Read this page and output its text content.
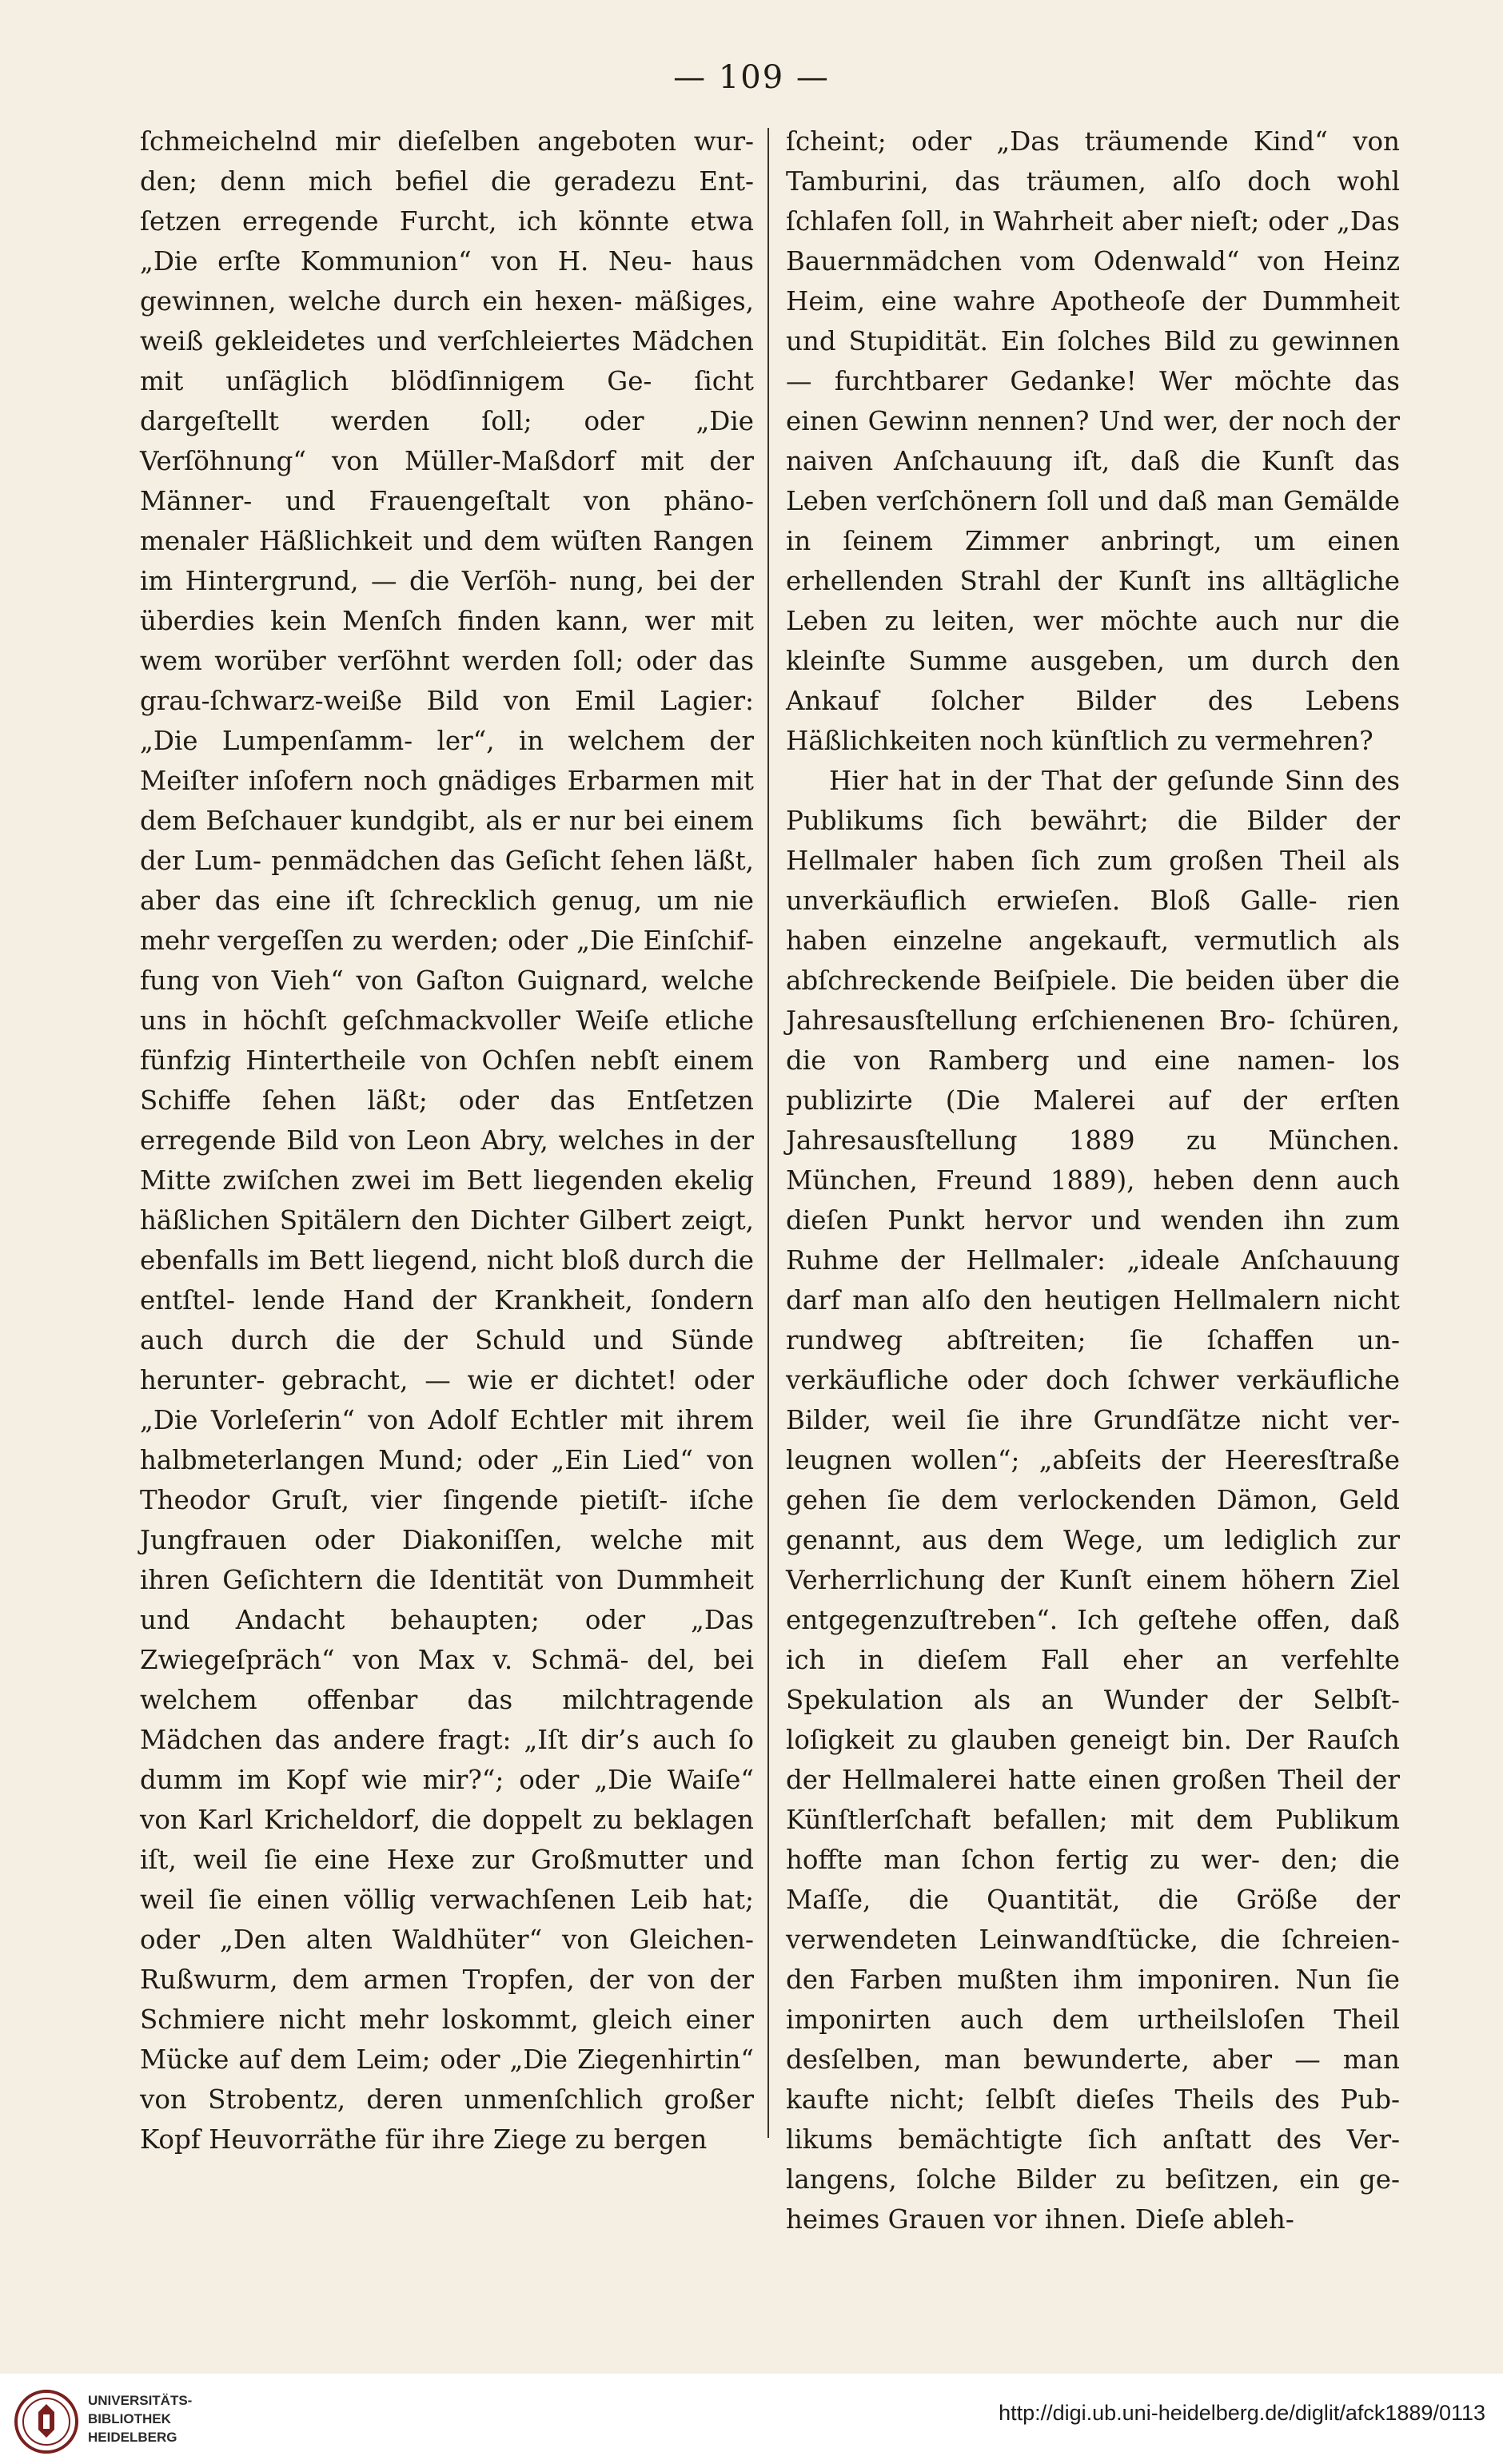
— 109 —

ſchmeichelnd mir dieſelben angeboten wur- den; denn mich befiel die geradezu Ent- ſetzen erregende Furcht, ich könnte etwa „Die erſte Kommunion“ von H. Neu- haus gewinnen, welche durch ein hexen- mäßiges, weiß gekleidetes und verſchleiertes Mädchen mit unſäglich blödſinnigem Ge- ſicht dargeſtellt werden ſoll; oder „Die Verſöhnung“ von Müller-Maßdorf mit der Männer- und Frauengeſtalt von phäno- menaler Häßlichkeit und dem wüſten Rangen im Hintergrund, — die Verſöh- nung, bei der überdies kein Menſch finden kann, wer mit wem worüber verſöhnt werden ſoll; oder das grau-ſchwarz-weiße Bild von Emil Lagier: „Die Lumpenſamm- ler“, in welchem der Meiſter inſofern noch gnädiges Erbarmen mit dem Beſchauer kundgibt, als er nur bei einem der Lum- penmädchen das Geſicht ſehen läßt, aber das eine iſt ſchrecklich genug, um nie mehr vergeſſen zu werden; oder „Die Einſchif- fung von Vieh“ von Gaſton Guignard, welche uns in höchſt geſchmackvoller Weiſe etliche fünfzig Hintertheile von Ochſen nebſt einem Schiffe ſehen läßt; oder das Entſetzen erregende Bild von Leon Abry, welches in der Mitte zwiſchen zwei im Bett liegenden ekelig häßlichen Spitälern den Dichter Gilbert zeigt, ebenfalls im Bett liegend, nicht bloß durch die entſtel- lende Hand der Krankheit, ſondern auch durch die der Schuld und Sünde herunter- gebracht, — wie er dichtet! oder „Die Vorleſerin“ von Adolf Echtler mit ihrem halbmeterlangen Mund; oder „Ein Lied“ von Theodor Gruſt, vier ſingende pietiſt- iſche Jungfrauen oder Diakoniſſen, welche mit ihren Geſichtern die Identität von Dummheit und Andacht behaupten; oder „Das Zwiegeſpräch“ von Max v. Schmä- del, bei welchem offenbar das milchtragende Mädchen das andere fragt: „Iſt dir’s auch ſo dumm im Kopf wie mir?“; oder „Die Waiſe“ von Karl Kricheldorf, die doppelt zu beklagen iſt, weil ſie eine Hexe zur Großmutter und weil ſie einen völlig verwachſenen Leib hat; oder „Den alten Waldhüter“ von Gleichen-Rußwurm, dem armen Tropfen, der von der Schmiere nicht mehr loskommt, gleich einer Mücke auf dem Leim; oder „Die Ziegenhirtin“ von Strobentz, deren unmenſchlich großer Kopf Heuvorräthe für ihre Ziege zu bergen

ſcheint; oder „Das träumende Kind“ von Tamburini, das träumen, alſo doch wohl ſchlafen ſoll, in Wahrheit aber nieſt; oder „Das Bauernmädchen vom Odenwald“ von Heinz Heim, eine wahre Apotheoſe der Dummheit und Stupidität. Ein ſolches Bild zu gewinnen — furchtbarer Gedanke! Wer möchte das einen Gewinn nennen? Und wer, der noch der naiven Anſchauung iſt, daß die Kunſt das Leben verſchönern ſoll und daß man Gemälde in ſeinem Zimmer anbringt, um einen erhellenden Strahl der Kunſt ins alltägliche Leben zu leiten, wer möchte auch nur die kleinſte Summe ausgeben, um durch den Ankauf ſolcher Bilder des Lebens Häßlichkeiten noch künſtlich zu vermehren?

Hier hat in der That der geſunde Sinn des Publikums ſich bewährt; die Bilder der Hellmaler haben ſich zum großen Theil als unverkäuflich erwieſen. Bloß Galle- rien haben einzelne angekauft, vermutlich als abſchreckende Beiſpiele. Die beiden über die Jahresausſtellung erſchienenen Bro- ſchüren, die von Ramberg und eine namen- los publizirte (Die Malerei auf der erſten Jahresausſtellung 1889 zu München. München, Freund 1889), heben denn auch dieſen Punkt hervor und wenden ihn zum Ruhme der Hellmaler: „ideale Anſchauung darf man alſo den heutigen Hellmalern nicht rundweg abſtreiten; ſie ſchaffen un- verkäufliche oder doch ſchwer verkäufliche Bilder, weil ſie ihre Grundſätze nicht ver- leugnen wollen“; „abſeits der Heeresſtraße gehen ſie dem verlockenden Dämon, Geld genannt, aus dem Wege, um lediglich zur Verherrlichung der Kunſt einem höhern Ziel entgegenzuſtreben“. Ich geſtehe offen, daß ich in dieſem Fall eher an verfehlte Spekulation als an Wunder der Selbſt- loſigkeit zu glauben geneigt bin. Der Rauſch der Hellmalerei hatte einen großen Theil der Künſtlerſchaft befallen; mit dem Publikum hoffte man ſchon fertig zu wer- den; die Maſſe, die Quantität, die Größe der verwendeten Leinwandſtücke, die ſchreien- den Farben mußten ihm imponiren. Nun ſie imponirten auch dem urtheilsloſen Theil desſelben, man bewunderte, aber — man kaufte nicht; ſelbſt dieſes Theils des Pub- likums bemächtigte ſich anſtatt des Ver- langens, ſolche Bilder zu beſitzen, ein ge- heimes Grauen vor ihnen. Dieſe ableh-

UNIVERSITÄTS-
BIBLIOTHEK
HEIDELBERG
http://digi.ub.uni-heidelberg.de/diglit/afck1889/0113
